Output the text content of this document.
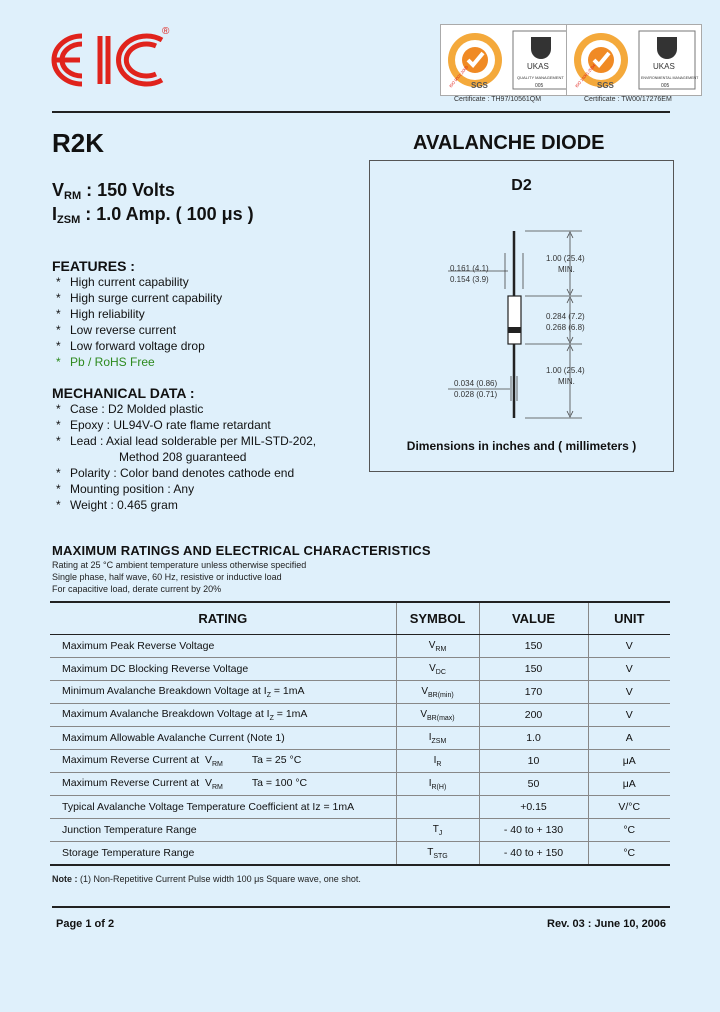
®
SGS
UKAS
QUALITY MANAGEMENT
005
ISO 9001:2000
Certificate : TH97/10561QM
SGS
UKAS
ENVIRONMENTAL MANAGEMENT
005
ISO 14001:2004
Certificate : TW00/17276EM
R2K	AVALANCHE DIODE
$V_{RM}$ : 150 Volts
$I_{ZSM}$ : 1.0 Amp. ( 100 μs )
FEATURES :
* High current capability
* High surge current capability
* High reliability
* Low reverse current
* Low forward voltage drop
* Pb / RoHS Free
MECHANICAL DATA :
* Case : D2 Molded plastic
* Epoxy : UL94V-O rate flame retardant
* Lead : Axial lead solderable per MIL-STD-202,
Method 208 guaranteed
* Polarity : Color band denotes cathode end
* Mounting position : Any
* Weight : 0.465 gram
D2
0.161 (4.1)
0.154 (3.9)
1.00 (25.4)
MIN.
0.284 (7.2)
0.268 (6.8)
1.00 (25.4)
MIN.
0.034 (0.86)
0.028 (0.71)
Dimensions in inches and ( millimeters )
MAXIMUM RATINGS AND ELECTRICAL CHARACTERISTICS
Rating at 25 °C ambient temperature unless otherwise specified
Single phase, half wave, 60 Hz, resistive or inductive load
For capacitive load, derate current by 20%
RATING	SYMBOL	VALUE	UNIT
Maximum Peak Reverse Voltage	$V_{RM}$	150	V
Maximum DC Blocking Reverse Voltage	$V_{DC}$	150	V
Minimum Avalanche Breakdown Voltage at $I_Z = 1mA$	$V_{BR(min)}$	170	V
Maximum Avalanche Breakdown Voltage at $I_Z = 1mA$	$V_{BR(max)}$	200	V
Maximum Allowable Avalanche Current (Note 1)	$I_{ZSM}$	1.0	A
Maximum Reverse Current at  $V_{RM}$          Ta = 25 °C	$I_R$	10	μA
Maximum Reverse Current at  $V_{RM}$          Ta = 100 °C	$I_{R(H)}$	50	μA
Typical Avalanche Voltage Temperature Coefficient at Iz = 1mA		+0.15	V/°C
Junction Temperature Range	$T_J$	- 40 to + 130	°C
Storage Temperature Range	$T_{STG}$	- 40 to + 150	°C
Note : (1) Non-Repetitive Current Pulse width 100 μs Square wave, one shot.
Page 1 of 2	Rev. 03 : June 10, 2006
